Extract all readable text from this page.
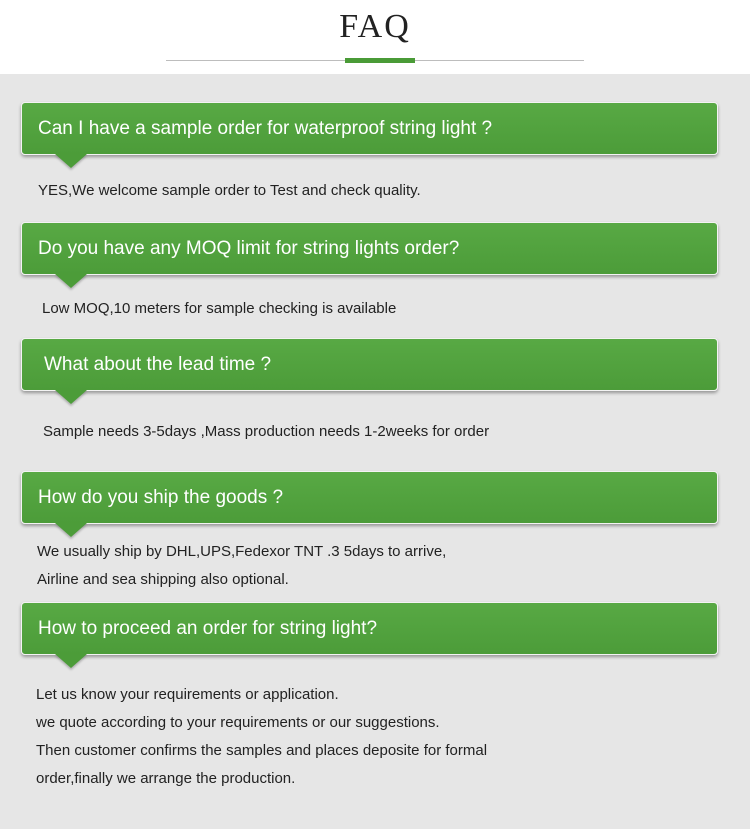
FAQ
Can I have a sample order for waterproof string light ?
YES,We welcome sample order to Test and check quality.
Do you have any MOQ limit for string lights order?
Low MOQ,10 meters for sample checking is available
What about the lead time ?
Sample needs 3-5days ,Mass production needs 1-2weeks for order
How do you ship the goods ?
We usually ship by DHL,UPS,Fedexor TNT .3 5days to arrive,
Airline and sea shipping also optional.
How to proceed an order for string light?
Let us know your requirements or application.
we quote according to your requirements or our suggestions.
Then customer confirms the samples and places deposite for formal
order,finally we arrange the production.
